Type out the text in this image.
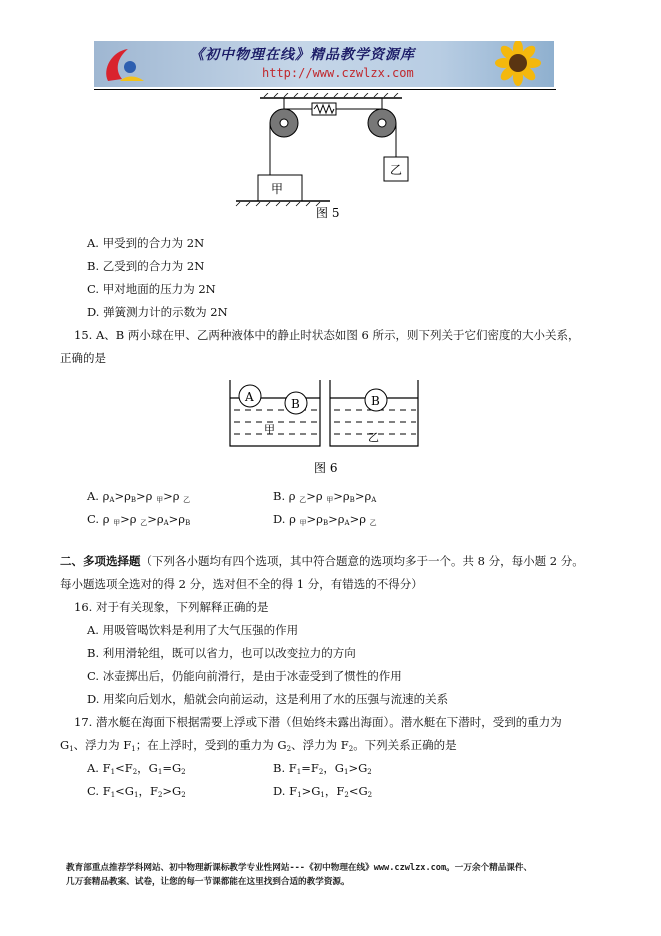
《初中物理在线》精品教学资源库
http://www.czwlzx.com
甲
乙
图 5
A. 甲受到的合力为 2N
B. 乙受到的合力为 2N
C. 甲对地面的压力为 2N
D. 弹簧测力计的示数为 2N
15. A、B 两小球在甲、乙两种液体中的静止时状态如图 6 所示，则下列关于它们密度的大小关系，
正确的是
A	B	B
甲
乙
图 6
A. $\rho_A>\rho_B>\rho$ $_甲$>ρ $_乙$	B. ρ $_乙$>ρ $_甲>\rho_B>\rho_A$
C. ρ $_甲$>ρ $_乙>\rho_A>\rho_B$	D. ρ $_甲>\rho_B>\rho_A>\rho$ $_乙$
二、多项选择题（下列各小题均有四个选项，其中符合题意的选项均多于一个。共 8 分，每小题 2 分。
每小题选项全选对的得 2 分，选对但不全的得 1 分，有错选的不得分）
16. 对于有关现象，下列解释正确的是
A. 用吸管喝饮料是利用了大气压强的作用
B. 利用滑轮组，既可以省力，也可以改变拉力的方向
C. 冰壶掷出后，仍能向前滑行，是由于冰壶受到了惯性的作用
D. 用桨向后划水，船就会向前运动，这是利用了水的压强与流速的关系
17. 潜水艇在海面下根据需要上浮或下潜（但始终未露出海面）。潜水艇在下潜时，受到的重力为
$G_1$、浮力为 $F_1$；在上浮时，受到的重力为 $G_2$、浮力为 $F_2$。下列关系正确的是
A. $F_1<F_2$，$G_1=G_2$	B. $F_1=F_2$，$G_1>G_2$
C. $F_1<G_1$，$F_2>G_2$	D. $F_1>G_1$，$F_2<G_2$
教育部重点推荐学科网站、初中物理新课标教学专业性网站---《初中物理在线》www.czwlzx.com。一万余个精品课件、
几万套精品教案、试卷，让您的每一节课都能在这里找到合适的教学资源。
